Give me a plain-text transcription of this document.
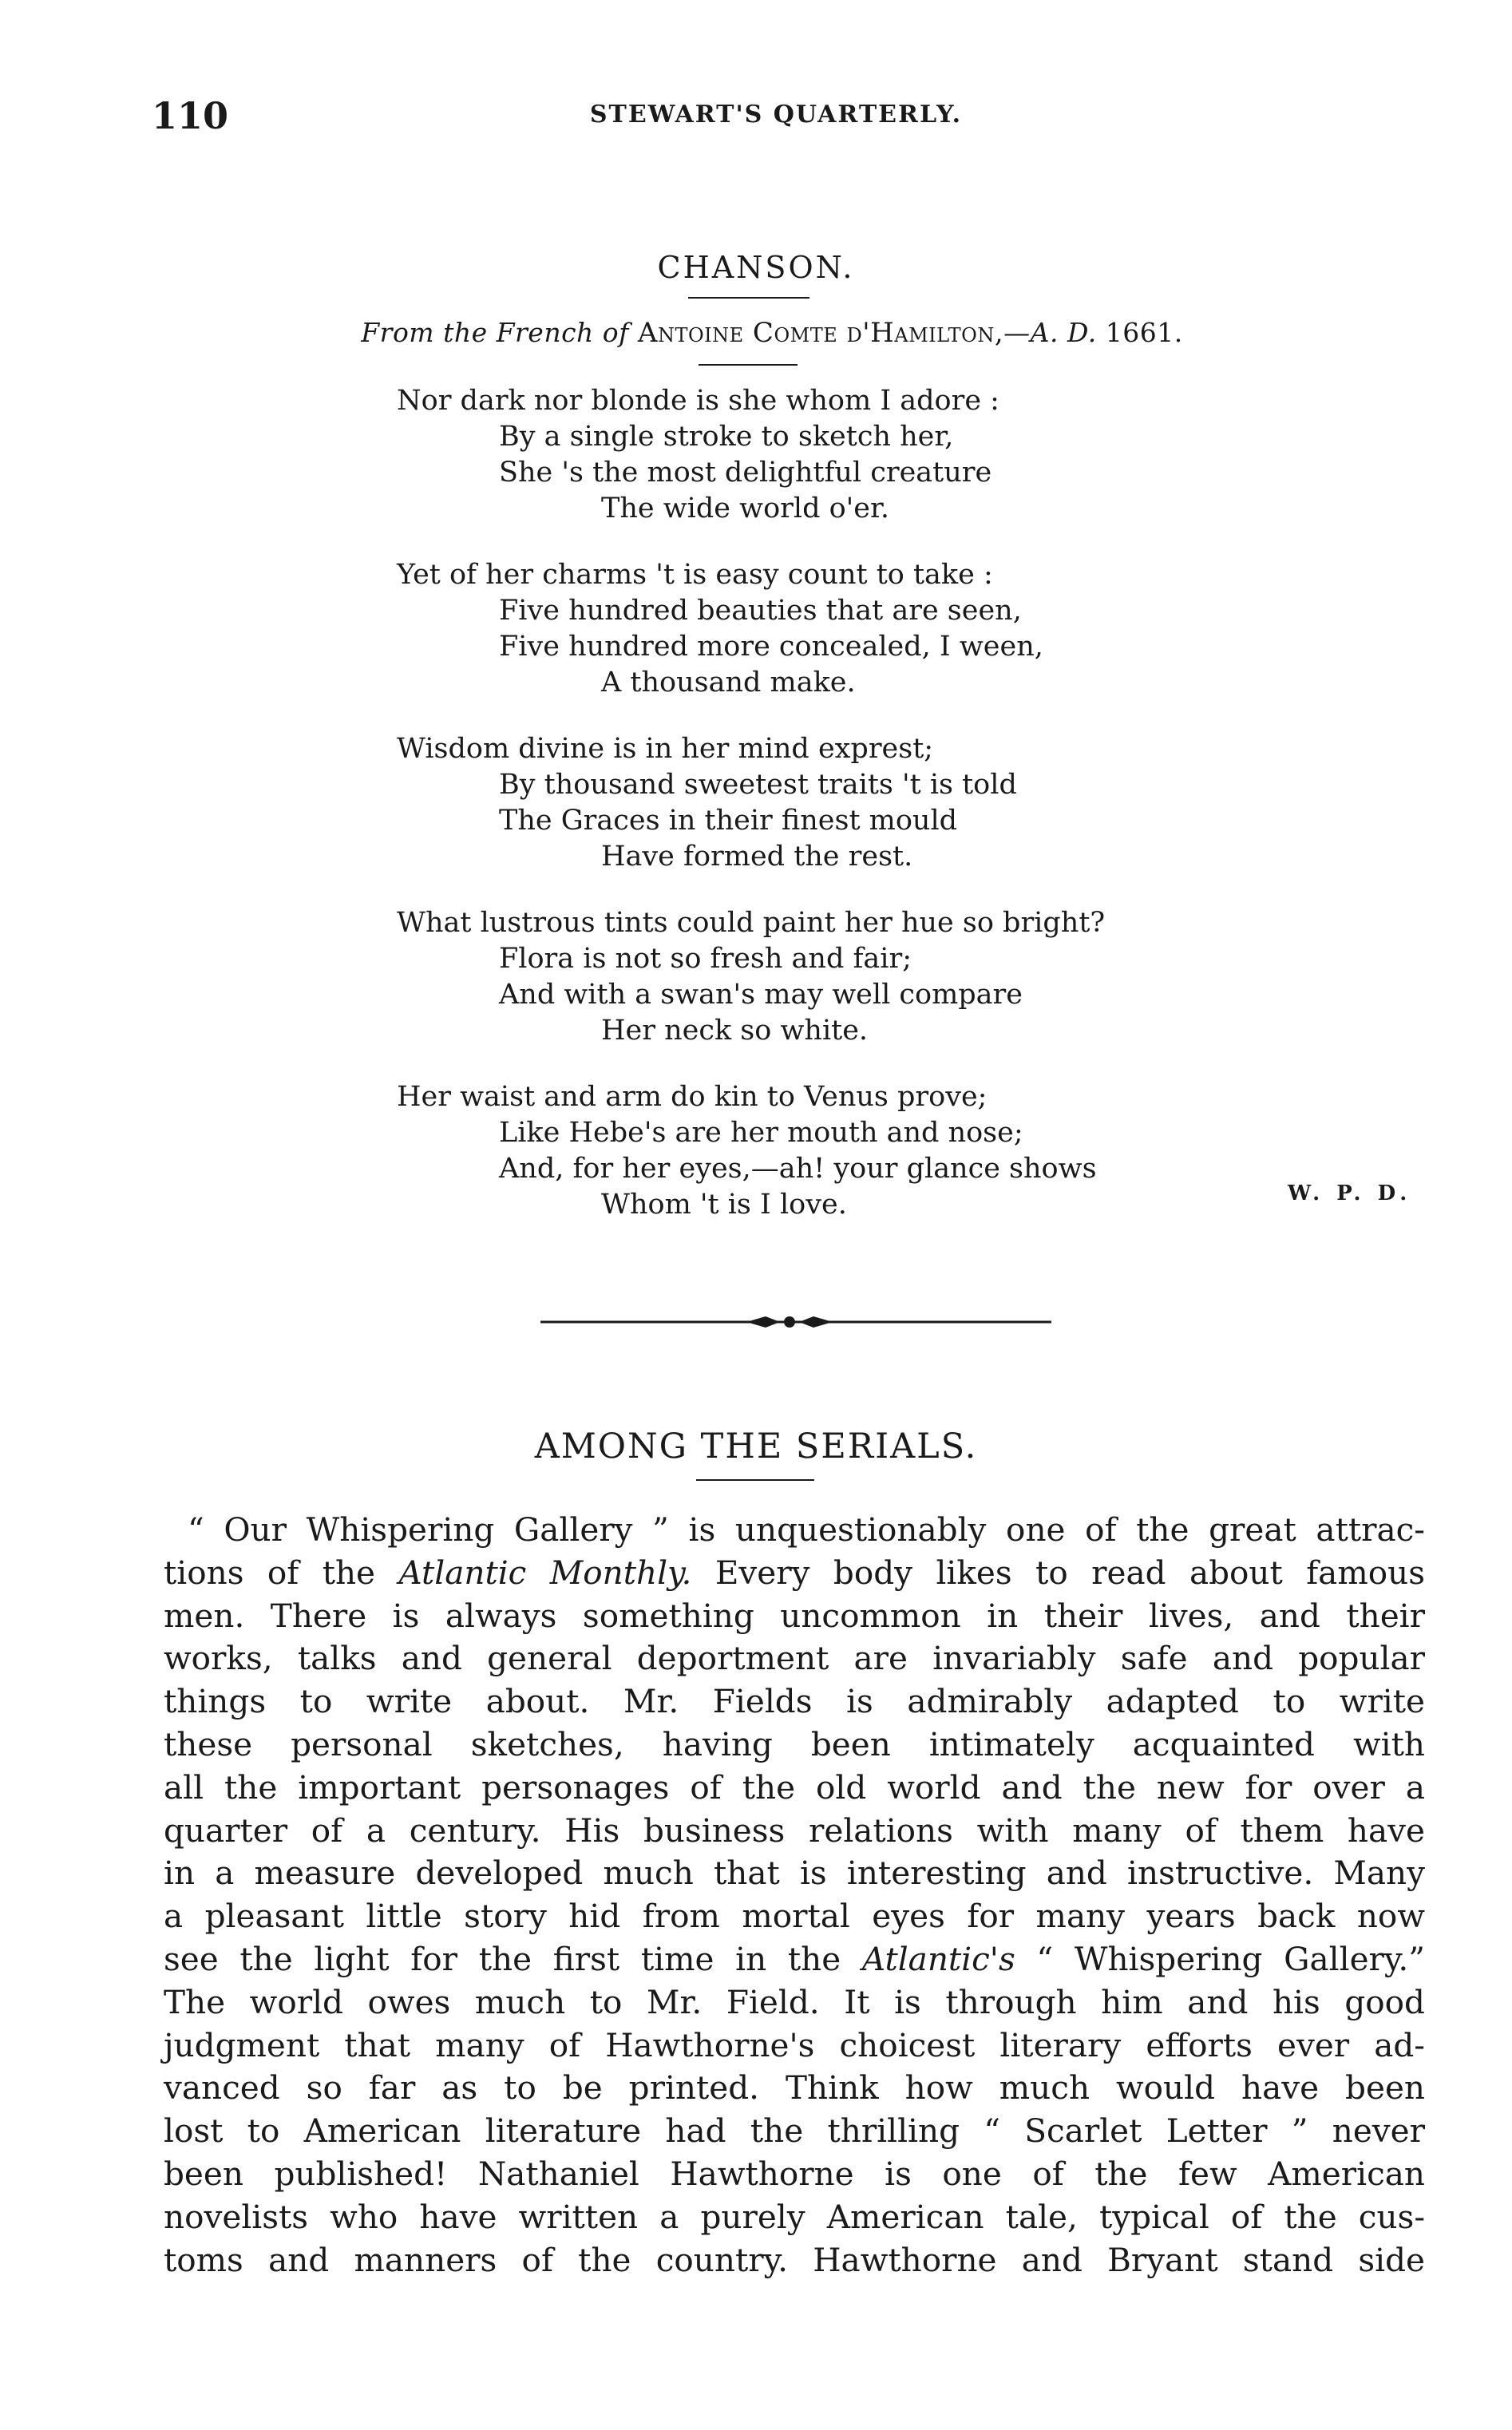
110	STEWART'S QUARTERLY.
CHANSON.
From the French of Antoine Comte d'Hamilton,—A. D. 1661.
Nor dark nor blonde is she whom I adore :
By a single stroke to sketch her,
She 's the most delightful creature
The wide world o'er.
Yet of her charms 't is easy count to take :
Five hundred beauties that are seen,
Five hundred more concealed, I ween,
A thousand make.
Wisdom divine is in her mind exprest;
By thousand sweetest traits 't is told
The Graces in their finest mould
Have formed the rest.
What lustrous tints could paint her hue so bright?
Flora is not so fresh and fair;
And with a swan's may well compare
Her neck so white.
Her waist and arm do kin to Venus prove;
Like Hebe's are her mouth and nose;
And, for her eyes,—ah! your glance shows
Whom 't is I love.	W. P. D.
AMONG THE SERIALS.
“ Our Whispering Gallery ” is unquestionably one of the great attrac-
tions of the Atlantic Monthly. Every body likes to read about famous
men. There is always something uncommon in their lives, and their
works, talks and general deportment are invariably safe and popular
things to write about. Mr. Fields is admirably adapted to write
these personal sketches, having been intimately acquainted with
all the important personages of the old world and the new for over a
quarter of a century. His business relations with many of them have
in a measure developed much that is interesting and instructive. Many
a pleasant little story hid from mortal eyes for many years back now
see the light for the first time in the Atlantic's “ Whispering Gallery.”
The world owes much to Mr. Field. It is through him and his good
judgment that many of Hawthorne's choicest literary efforts ever ad-
vanced so far as to be printed. Think how much would have been
lost to American literature had the thrilling “ Scarlet Letter ” never
been published! Nathaniel Hawthorne is one of the few American
novelists who have written a purely American tale, typical of the cus-
toms and manners of the country. Hawthorne and Bryant stand side
